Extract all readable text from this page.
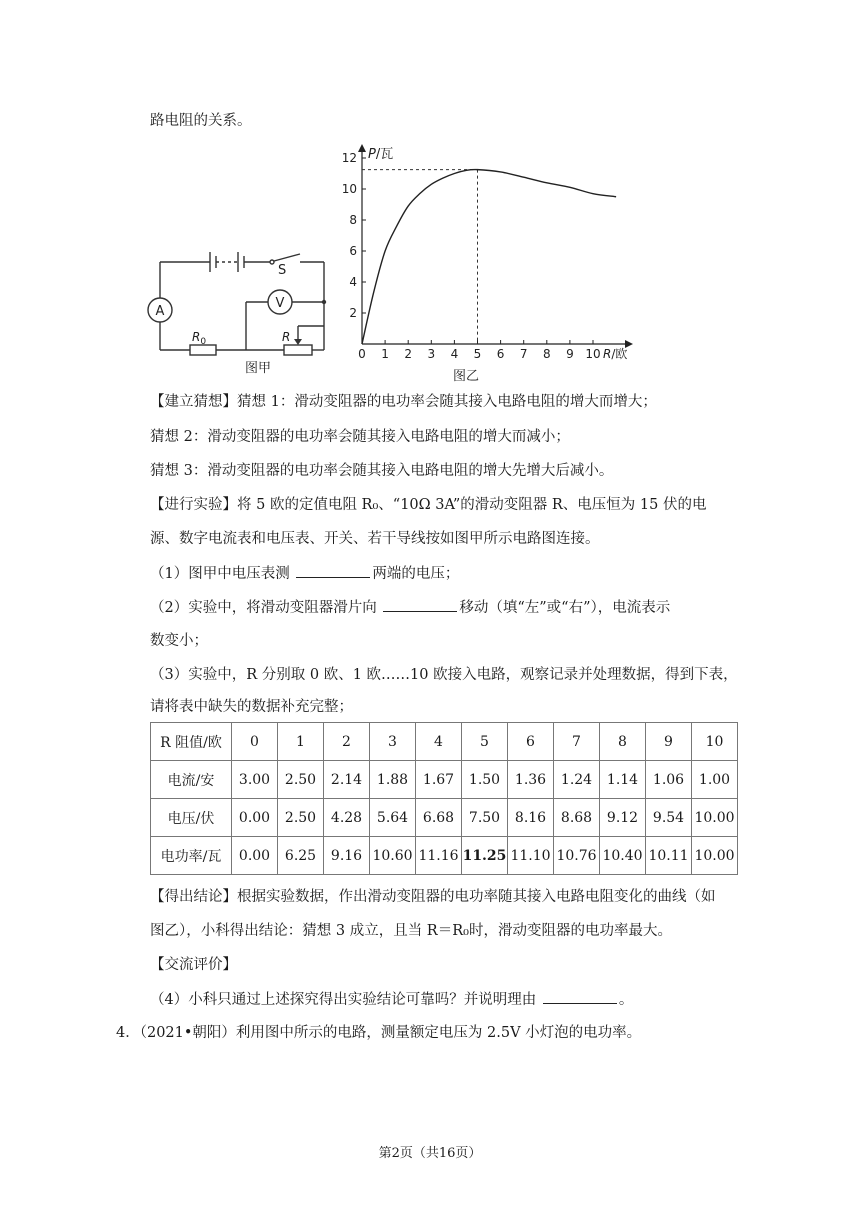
路电阻的关系。
A
V
S
$R_0$	R
图甲
P/瓦
R/欧
图乙
0 1 2 3 4 5 6 7 8 9 10
2
4
6
8
10
12
【建立猜想】猜想 1：滑动变阻器的电功率会随其接入电路电阻的增大而增大；
猜想 2：滑动变阻器的电功率会随其接入电路电阻的增大而减小；
猜想 3：滑动变阻器的电功率会随其接入电路电阻的增大先增大后减小。
【进行实验】将 5 欧的定值电阻 R₀、“10Ω 3A”的滑动变阻器 R、电压恒为 15 伏的电
源、数字电流表和电压表、开关、若干导线按如图甲所示电路图连接。
（1）图甲中电压表测	两端的电压；
（2）实验中，将滑动变阻器滑片向	移动（填“左”或“右”），电流表示
数变小；
（3）实验中，R 分别取 0 欧、1 欧……10 欧接入电路，观察记录并处理数据，得到下表，
请将表中缺失的数据补充完整；
R 阻值/欧	0	1	2	3	4	5	6	7	8	9	10
电流/安	3.00	2.50	2.14	1.88	1.67	1.50	1.36	1.24	1.14	1.06	1.00
电压/伏	0.00	2.50	4.28	5.64	6.68	7.50	8.16	8.68	9.12	9.54	10.00
电功率/瓦	0.00	6.25	9.16	10.60	11.16	11.25	11.10	10.76	10.40	10.11	10.00
【得出结论】根据实验数据，作出滑动变阻器的电功率随其接入电路电阻变化的曲线（如
图乙），小科得出结论：猜想 3 成立，且当 R＝R₀时，滑动变阻器的电功率最大。
【交流评价】
（4）小科只通过上述探究得出实验结论可靠吗？并说明理由	。
4．（2021•朝阳）利用图中所示的电路，测量额定电压为 2.5V 小灯泡的电功率。
第2页（共16页）
